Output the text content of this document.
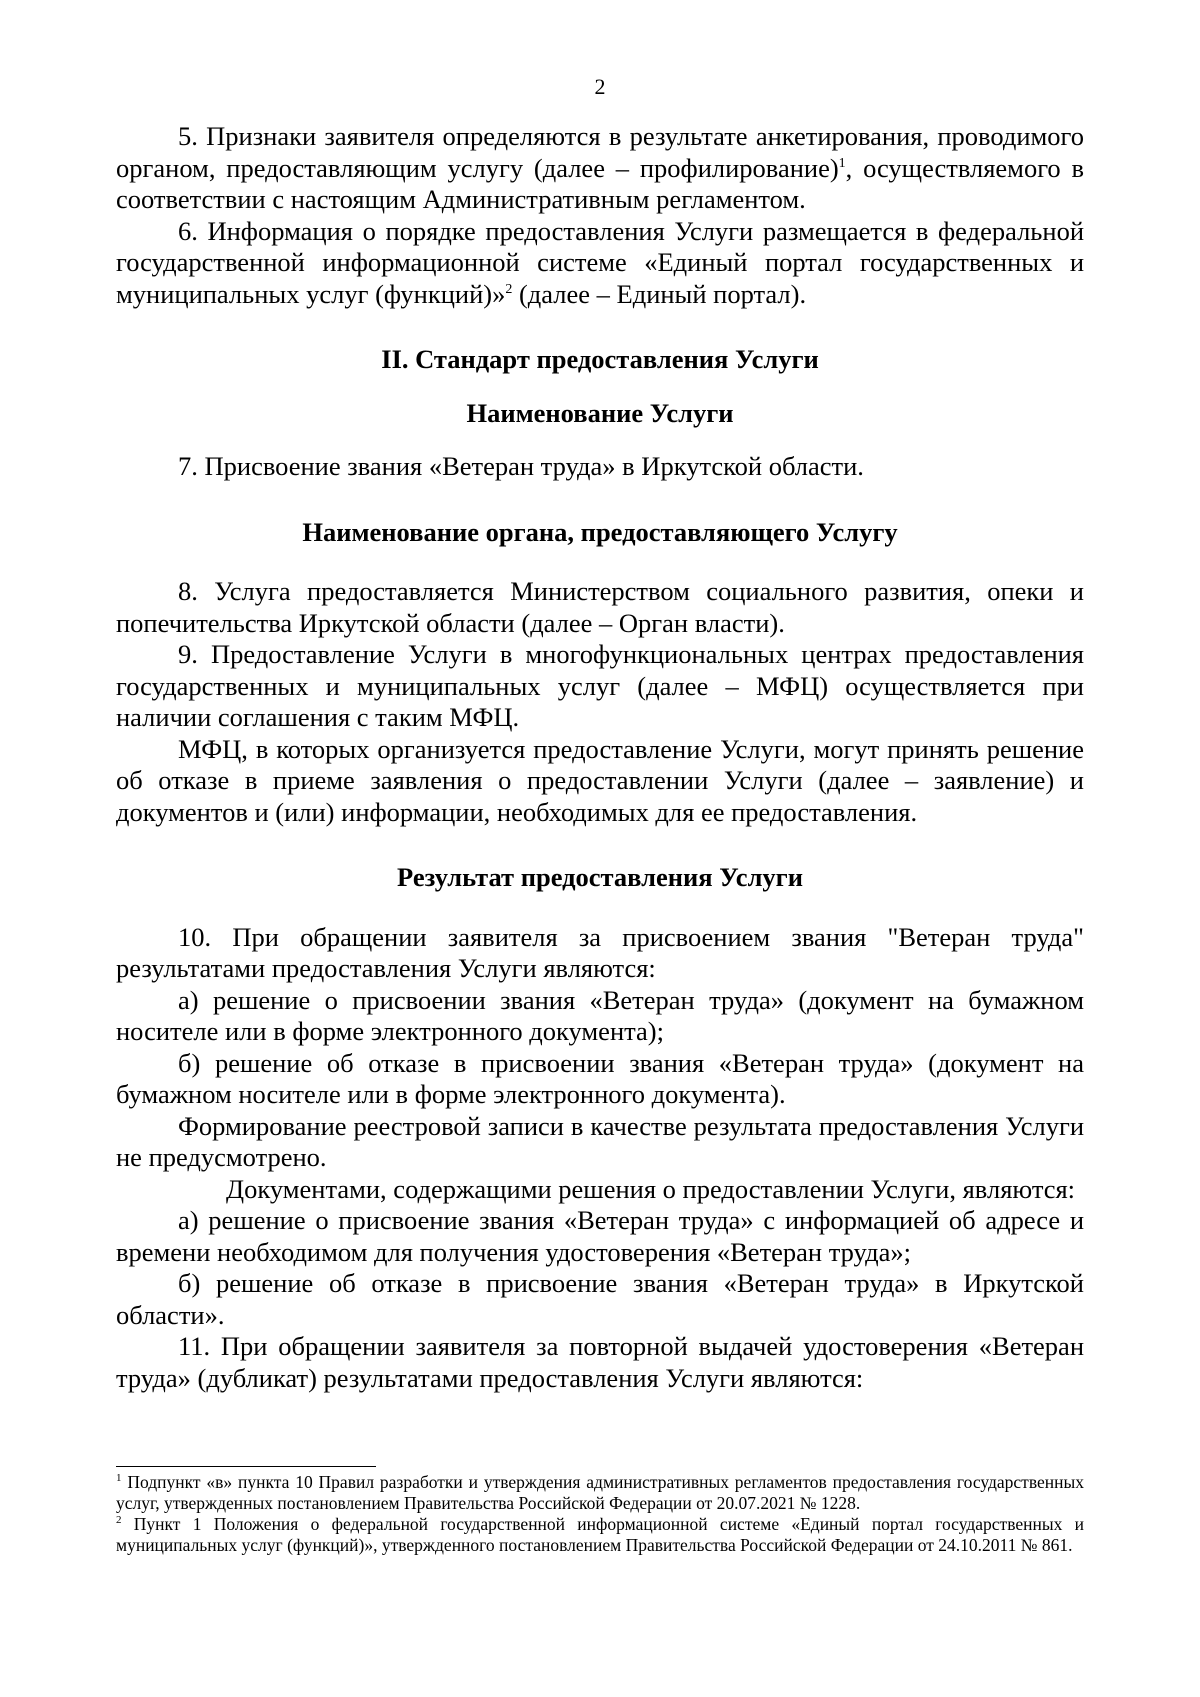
2

5. Признаки заявителя определяются в результате анкетирования, проводимого органом, предоставляющим услугу (далее – профилирование)$^1$, осуществляемого в соответствии с настоящим Административным регламентом.

6. Информация о порядке предоставления Услуги размещается в федеральной государственной информационной системе «Единый портал государственных и муниципальных услуг (функций)»$^2$ (далее – Единый портал).

II. Стандарт предоставления Услуги

Наименование Услуги

7. Присвоение звания «Ветеран труда» в Иркутской области.

Наименование органа, предоставляющего Услугу

8. Услуга предоставляется Министерством социального развития, опеки и попечительства Иркутской области (далее – Орган власти).

9. Предоставление Услуги в многофункциональных центрах предоставления государственных и муниципальных услуг (далее – МФЦ) осуществляется при наличии соглашения с таким МФЦ.

МФЦ, в которых организуется предоставление Услуги, могут принять решение об отказе в приеме заявления о предоставлении Услуги (далее – заявление) и документов и (или) информации, необходимых для ее предоставления.

Результат предоставления Услуги

10. При обращении заявителя за присвоением звания "Ветеран труда" результатами предоставления Услуги являются:

а) решение о присвоении звания «Ветеран труда» (документ на бумажном носителе или в форме электронного документа);

б) решение об отказе в присвоении звания «Ветеран труда» (документ на бумажном носителе или в форме электронного документа).

Формирование реестровой записи в качестве результата предоставления Услуги не предусмотрено.

Документами, содержащими решения о предоставлении Услуги, являются:

а) решение о присвоение звания «Ветеран труда» с информацией об адресе и времени необходимом для получения удостоверения «Ветеран труда»;

б) решение об отказе в присвоение звания «Ветеран труда» в Иркутской области».

11. При обращении заявителя за повторной выдачей удостоверения «Ветеран труда» (дубликат) результатами предоставления Услуги являются:

$^1$ Подпункт «в» пункта 10 Правил разработки и утверждения административных регламентов предоставления государственных услуг, утвержденных постановлением Правительства Российской Федерации от 20.07.2021 № 1228.

$^2$ Пункт 1 Положения о федеральной государственной информационной системе «Единый портал государственных и муниципальных услуг (функций)», утвержденного постановлением Правительства Российской Федерации от 24.10.2011 № 861.
